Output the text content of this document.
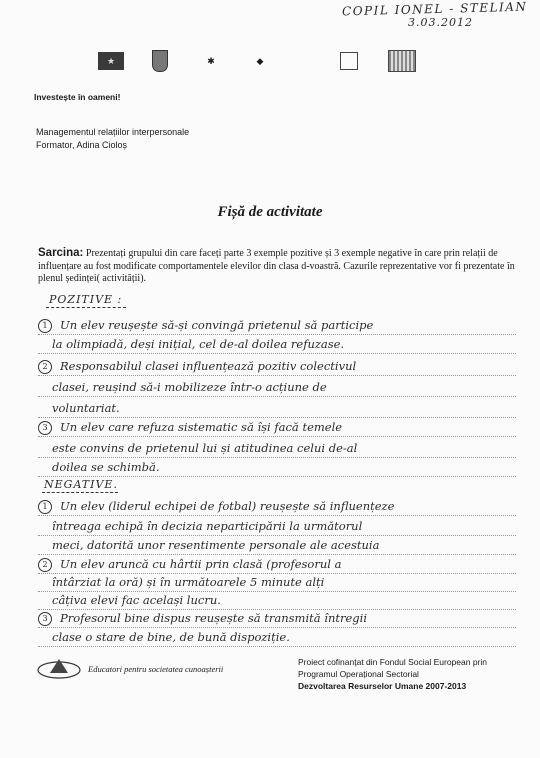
COPIL IONEL - STELIAN
3.03.2012
★	✱	◆
Investește în oameni!
Managementul relațiilor interpersonale
Formator, Adina Cioloș
Fișă de activitate
Sarcina: Prezentați grupului din care faceți parte 3 exemple pozitive și 3 exemple negative în care prin relații de influențare au fost modificate comportamentele elevilor din clasa d-voastră. Cazurile reprezentative vor fi prezentate în plenul ședinței( activității).
POZITIVE :
1 Un elev reușește să-și convingă prietenul să participe
la olimpiadă, deși inițial, cel de-al doilea refuzase.
2 Responsabilul clasei influențează pozitiv colectivul
clasei, reușind să-i mobilizeze într-o acțiune de
voluntariat.
3 Un elev care refuza sistematic să își facă temele
este convins de prietenul lui și atitudinea celui de-al
doilea se schimbă.
NEGATIVE.
1 Un elev (liderul echipei de fotbal) reușește să influențeze
întreaga echipă în decizia neparticipării la următorul
meci, datorită unor resentimente personale ale acestuia
2 Un elev aruncă cu hârtii prin clasă (profesorul a
întârziat la oră) și în următoarele 5 minute alți
câțiva elevi fac același lucru.
3 Profesorul bine dispus reușește să transmită întregii
clase o stare de bine, de bună dispoziție.
Educatori pentru societatea cunoașterii
Proiect cofinanțat din Fondul Social European prin
Programul Operațional Sectorial
Dezvoltarea Resurselor Umane 2007-2013
